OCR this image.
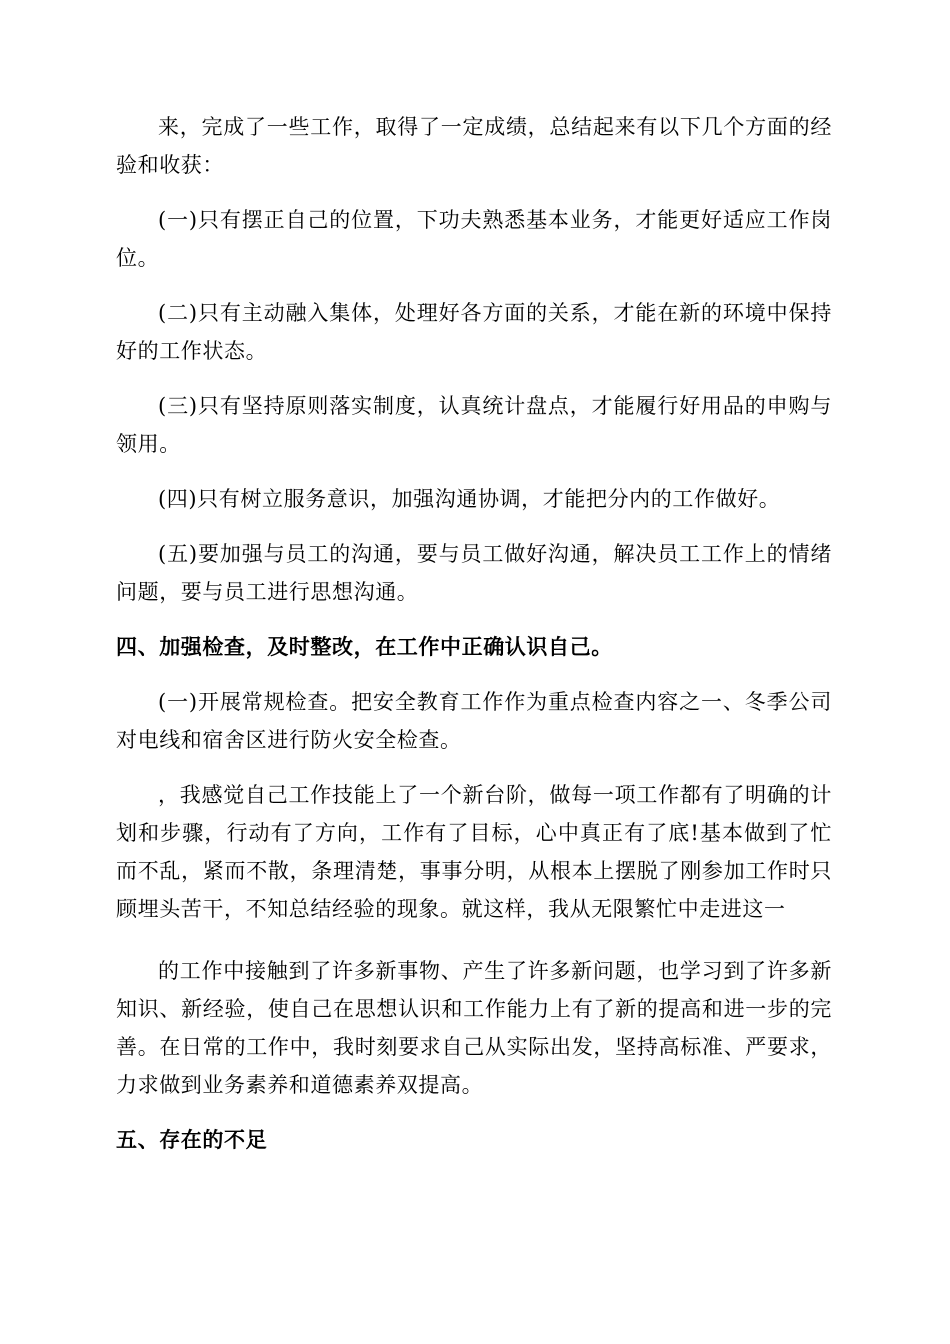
来，完成了一些工作，取得了一定成绩，总结起来有以下几个方面的经验和收获：

(一)只有摆正自己的位置，下功夫熟悉基本业务，才能更好适应工作岗位。

(二)只有主动融入集体，处理好各方面的关系，才能在新的环境中保持好的工作状态。

(三)只有坚持原则落实制度，认真统计盘点，才能履行好用品的申购与领用。

(四)只有树立服务意识，加强沟通协调，才能把分内的工作做好。

(五)要加强与员工的沟通，要与员工做好沟通，解决员工工作上的情绪问题，要与员工进行思想沟通。

四、加强检查，及时整改，在工作中正确认识自己。

(一)开展常规检查。把安全教育工作作为重点检查内容之一、冬季公司对电线和宿舍区进行防火安全检查。

，我感觉自己工作技能上了一个新台阶，做每一项工作都有了明确的计划和步骤，行动有了方向，工作有了目标，心中真正有了底!基本做到了忙而不乱，紧而不散，条理清楚，事事分明，从根本上摆脱了刚参加工作时只顾埋头苦干，不知总结经验的现象。就这样，我从无限繁忙中走进这一

的工作中接触到了许多新事物、产生了许多新问题，也学习到了许多新知识、新经验，使自己在思想认识和工作能力上有了新的提高和进一步的完善。在日常的工作中，我时刻要求自己从实际出发，坚持高标准、严要求，力求做到业务素养和道德素养双提高。

五、存在的不足
